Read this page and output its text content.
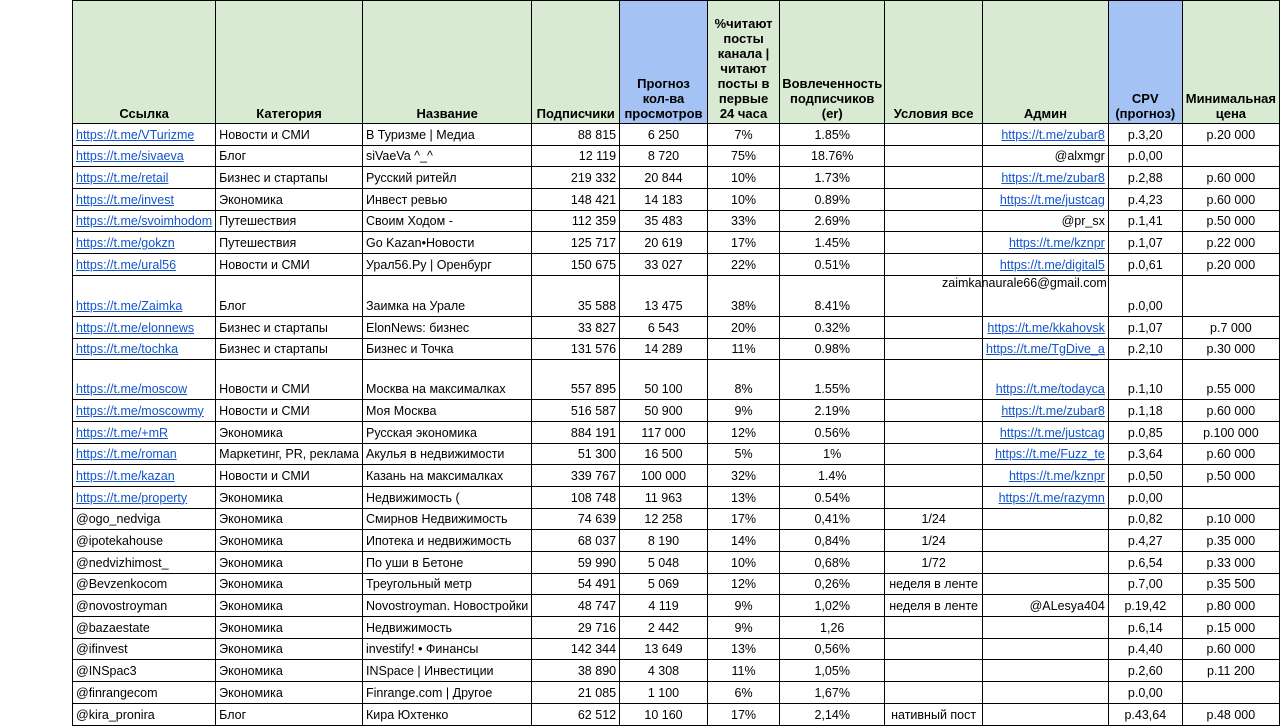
Ссылка	Категория	Название	Подписчики	Прогноз кол-ва просмотров	%читают посты канала | читают посты в первые 24 часа	Вовлеченность подписчиков (er)	Условия все	Админ	CPV (прогноз)	Минимальная цена
https://t.me/VTurizme	Новости и СМИ	В Туризме | Медиа	88 815	6 250	7%	1.85%		https://t.me/zubar8	р.3,20	р.20 000
https://t.me/sivaeva	Блог	siVaeVa ^_^	12 119	8 720	75%	18.76%		@alxmgr	р.0,00	
https://t.me/retail	Бизнес и стартапы	Русский ритейл	219 332	20 844	10%	1.73%		https://t.me/zubar8	р.2,88	р.60 000
https://t.me/invest	Экономика	Инвест ревью	148 421	14 183	10%	0.89%		https://t.me/justcag	р.4,23	р.60 000
https://t.me/svoimhodom	Путешествия	Своим Ходом -	112 359	35 483	33%	2.69%		@pr_sx	р.1,41	р.50 000
https://t.me/gokzn	Путешествия	Go Kazan•Новости	125 717	20 619	17%	1.45%		https://t.me/kznpr	р.1,07	р.22 000
https://t.me/ural56	Новости и СМИ	Урал56.Ру | Оренбург	150 675	33 027	22%	0.51%		https://t.me/digital5	р.0,61	р.20 000
https://t.me/Zaimka	Блог	Заимка на Урале	35 588	13 475	38%	8.41%		zaimkanaurale66@gmail.com	р.0,00	
https://t.me/elonnews	Бизнес и стартапы	ElonNews: бизнес	33 827	6 543	20%	0.32%		https://t.me/kkahovsk	р.1,07	р.7 000
https://t.me/tochka	Бизнес и стартапы	Бизнес и Точка	131 576	14 289	11%	0.98%		https://t.me/TgDive_a	р.2,10	р.30 000
https://t.me/moscow	Новости и СМИ	Москва на максималках	557 895	50 100	8%	1.55%		https://t.me/todayca	р.1,10	р.55 000
https://t.me/moscowmy	Новости и СМИ	Моя Москва	516 587	50 900	9%	2.19%		https://t.me/zubar8	р.1,18	р.60 000
https://t.me/+mR	Экономика	Русская экономика	884 191	117 000	12%	0.56%		https://t.me/justcag	р.0,85	р.100 000
https://t.me/roman	Маркетинг, PR, реклама	Акулья в недвижимости	51 300	16 500	5%	1%		https://t.me/Fuzz_te	р.3,64	р.60 000
https://t.me/kazan	Новости и СМИ	Казань на максималках	339 767	100 000	32%	1.4%		https://t.me/kznpr	р.0,50	р.50 000
https://t.me/property	Экономика	Недвижимость (	108 748	11 963	13%	0.54%		https://t.me/razymn	р.0,00	
@ogo_nedviga	Экономика	Смирнов Недвижимость	74 639	12 258	17%	0,41%	1/24		р.0,82	р.10 000
@ipotekahouse	Экономика	Ипотека и недвижимость	68 037	8 190	14%	0,84%	1/24		р.4,27	р.35 000
@nedvizhimost_	Экономика	По уши в Бетоне	59 990	5 048	10%	0,68%	1/72		р.6,54	р.33 000
@Bevzenkocom	Экономика	Треугольный метр	54 491	5 069	12%	0,26%	неделя в ленте		р.7,00	р.35 500
@novostroyman	Экономика	Novostroyman. Новостройки	48 747	4 119	9%	1,02%	неделя в ленте	@ALesya404	р.19,42	р.80 000
@bazaestate	Экономика	Недвижимость	29 716	2 442	9%	1,26			р.6,14	р.15 000
@ifinvest	Экономика	investify! • Финансы	142 344	13 649	13%	0,56%			р.4,40	р.60 000
@INSpac3	Экономика	INSpace | Инвестиции	38 890	4 308	11%	1,05%			р.2,60	р.11 200
@finrangecom	Экономика	Finrange.com | Другое	21 085	1 100	6%	1,67%			р.0,00	
@kira_pronira	Блог	Кира Юхтенко	62 512	10 160	17%	2,14%	нативный пост		р.43,64	р.48 000
